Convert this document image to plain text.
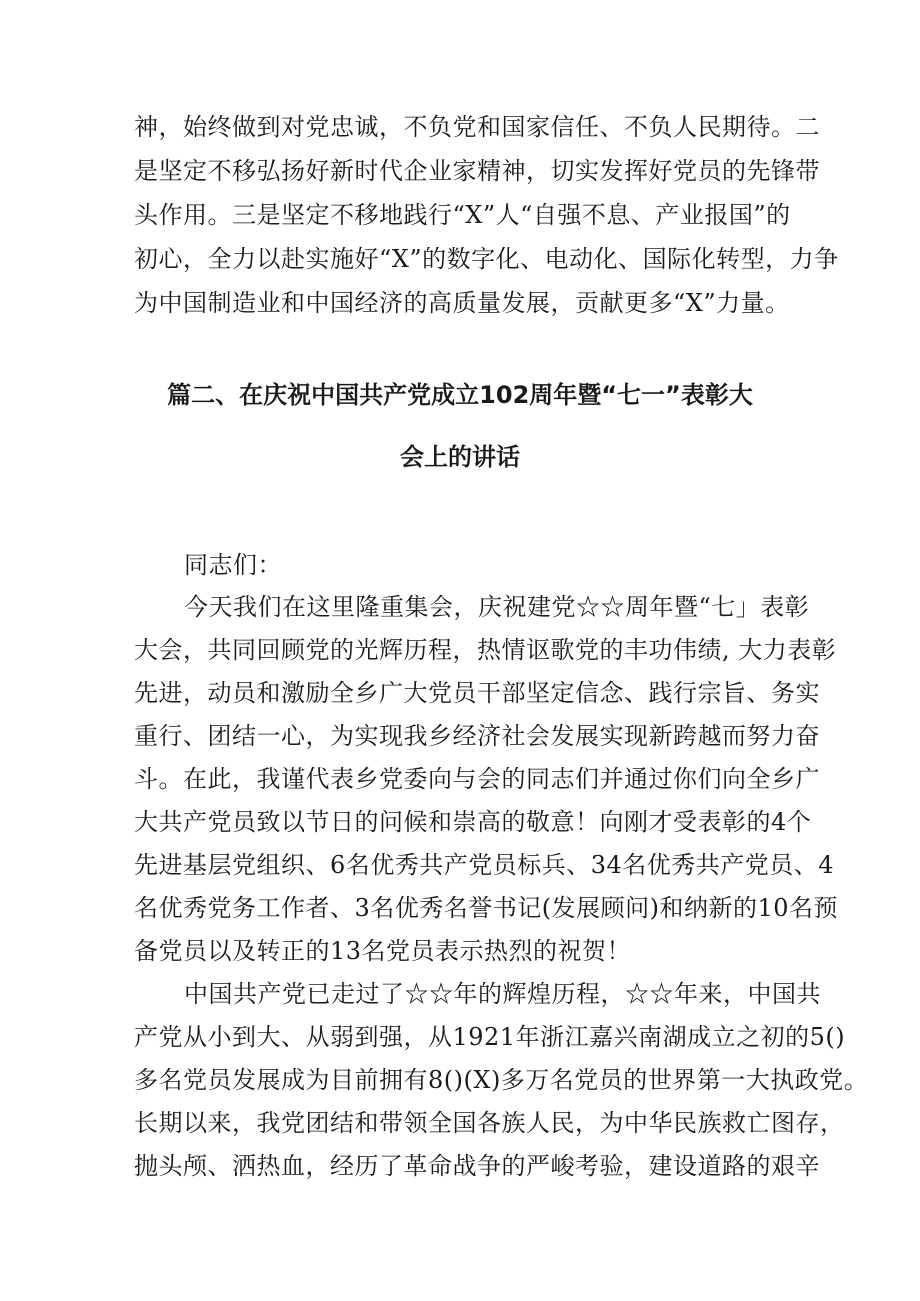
神，始终做到对党忠诚，不负党和国家信任、不负人民期待。二
是坚定不移弘扬好新时代企业家精神，切实发挥好党员的先锋带
头作用。三是坚定不移地践行“X”人“自强不息、产业报国”的
初心，全力以赴实施好“X”的数字化、电动化、国际化转型，力争
为中国制造业和中国经济的高质量发展，贡献更多“X”力量。
篇二、在庆祝中国共产党成立102周年暨“七一”表彰大
会上的讲话
同志们：
今天我们在这里隆重集会，庆祝建党☆☆周年暨“七」表彰
大会，共同回顾党的光辉历程，热情讴歌党的丰功伟绩, 大力表彰
先进，动员和激励全乡广大党员干部坚定信念、践行宗旨、务实
重行、团结一心，为实现我乡经济社会发展实现新跨越而努力奋
斗。在此，我谨代表乡党委向与会的同志们并通过你们向全乡广
大共产党员致以节日的问候和崇高的敬意！向刚才受表彰的4个
先进基层党组织、6名优秀共产党员标兵、34名优秀共产党员、4
名优秀党务工作者、3名优秀名誉书记(发展顾问)和纳新的10名预
备党员以及转正的13名党员表示热烈的祝贺！
中国共产党已走过了☆☆年的辉煌历程，☆☆年来，中国共
产党从小到大、从弱到强，从1921年浙江嘉兴南湖成立之初的5()
多名党员发展成为目前拥有8()(X)多万名党员的世界第一大执政党。
长期以来，我党团结和带领全国各族人民，为中华民族救亡图存，
抛头颅、洒热血，经历了革命战争的严峻考验，建设道路的艰辛
